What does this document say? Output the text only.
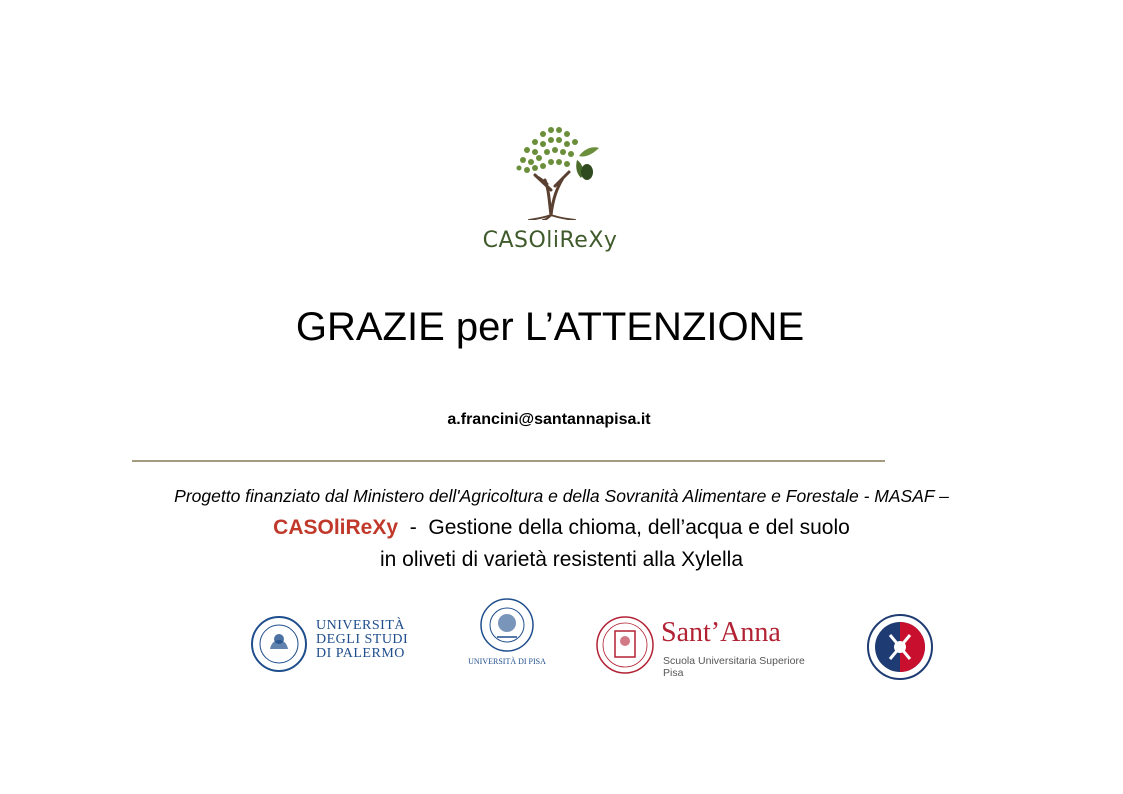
CASOliReXy
GRAZIE per L’ATTENZIONE
a.francini@santannapisa.it
Progetto finanziato dal Ministero dell'Agricoltura e della Sovranità Alimentare e Forestale - MASAF –
CASOliReXy  -  Gestione della chioma, dell’acqua e del suolo
in oliveti di varietà resistenti alla Xylella
UNIVERSITÀ
DEGLI STUDI
DI PALERMO
UNIVERSITÀ DI PISA
Sant’Anna
Scuola Universitaria Superiore Pisa
